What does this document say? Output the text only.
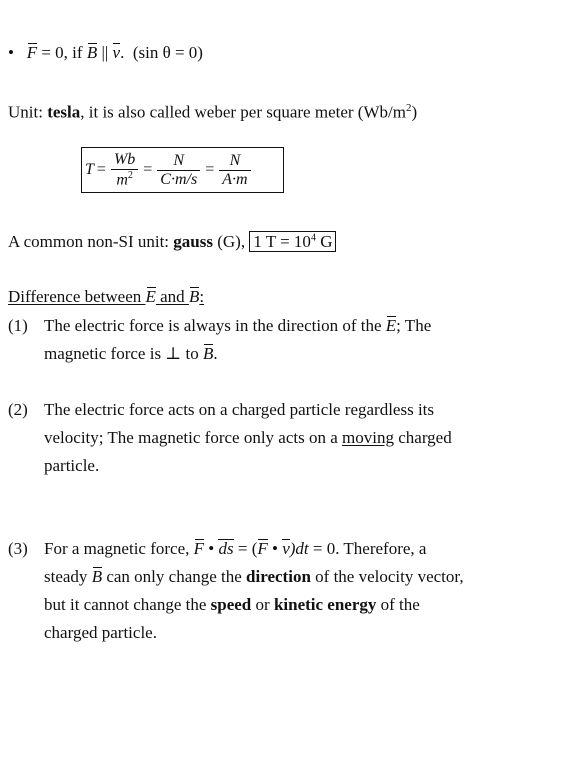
• F = 0, if B || v. (sin θ = 0)
Unit: tesla, it is also called weber per square meter $(Wb/m^2)$
$T = \frac{Wb}{m^2} = \frac{N}{C\cdot m/s} = \frac{N}{A\cdot m}$
A common non-SI unit: gauss (G), 1 $T = 10^4$ G
Difference between E and B:
(1) The electric force is always in the direction of the E; The
magnetic force is ⊥ to B.
(2) The electric force acts on a charged particle regardless its
velocity; The magnetic force only acts on a moving charged
particle.
(3) For a magnetic force, F • ds = (F • v)dt = 0. Therefore, a
steady B can only change the direction of the velocity vector,
but it cannot change the speed or kinetic energy of the
charged particle.
